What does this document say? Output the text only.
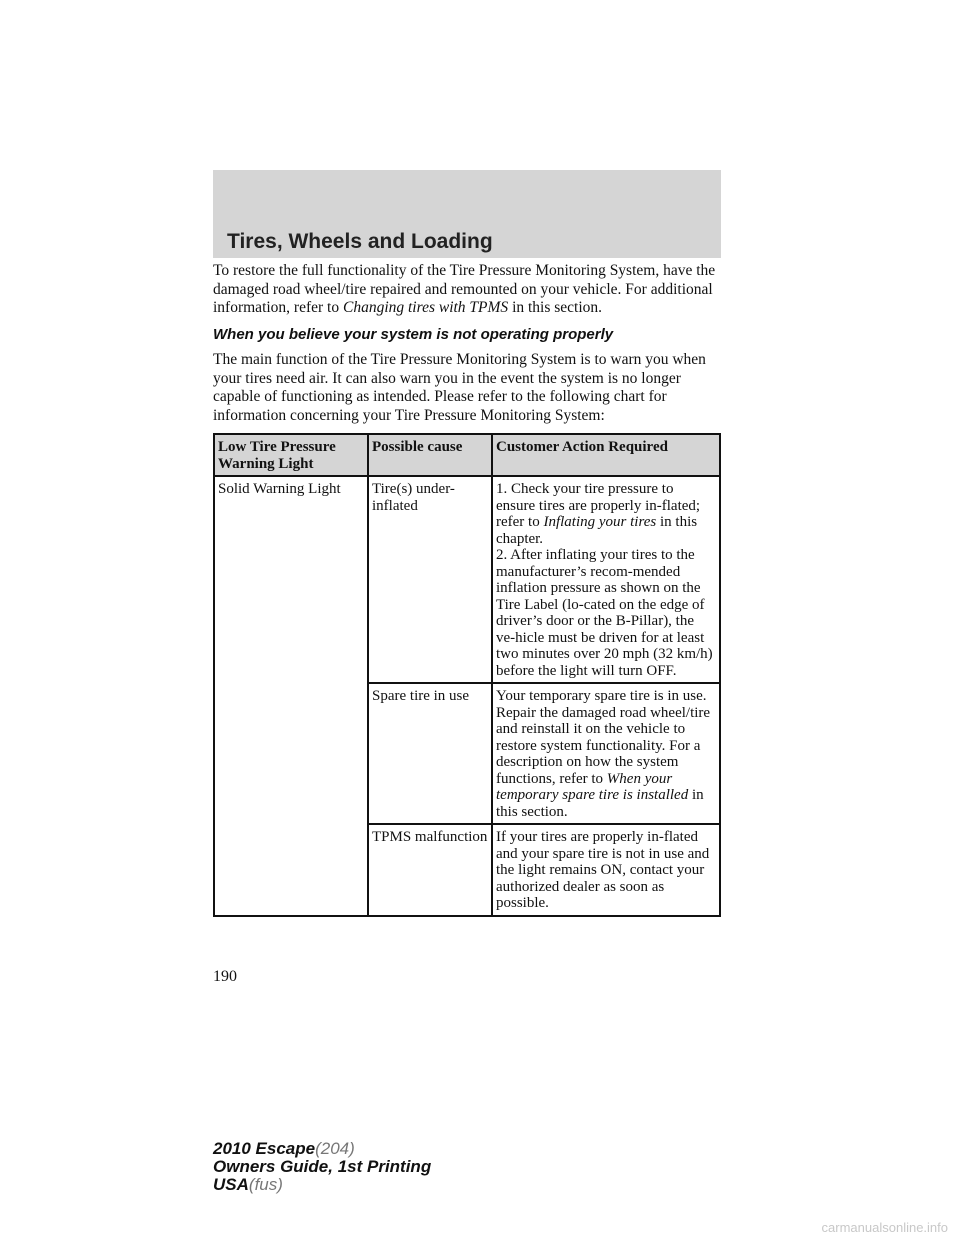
Tires, Wheels and Loading

To restore the full functionality of the Tire Pressure Monitoring System, have the damaged road wheel/tire repaired and remounted on your vehicle. For additional information, refer to Changing tires with TPMS in this section.

When you believe your system is not operating properly

The main function of the Tire Pressure Monitoring System is to warn you when your tires need air. It can also warn you in the event the system is no longer capable of functioning as intended. Please refer to the following chart for information concerning your Tire Pressure Monitoring System:

Low Tire Pressure Warning Light	Possible cause	Customer Action Required
Solid Warning Light	Tire(s) under-inflated	1. Check your tire pressure to ensure tires are properly in-flated; refer to Inflating your tires in this chapter.
2. After inflating your tires to the manufacturer’s recom-mended inflation pressure as shown on the Tire Label (lo-cated on the edge of driver’s door or the B-Pillar), the ve-hicle must be driven for at least two minutes over 20 mph (32 km/h) before the light will turn OFF.
	Spare tire in use	Your temporary spare tire is in use. Repair the damaged road wheel/tire and reinstall it on the vehicle to restore system functionality. For a description on how the system functions, refer to When your temporary spare tire is installed in this section.
	TPMS malfunction	If your tires are properly in-flated and your spare tire is not in use and the light remains ON, contact your authorized dealer as soon as possible.
190
2010 Escape(204)
Owners Guide, 1st Printing
USA(fus)
carmanualsonline.info
